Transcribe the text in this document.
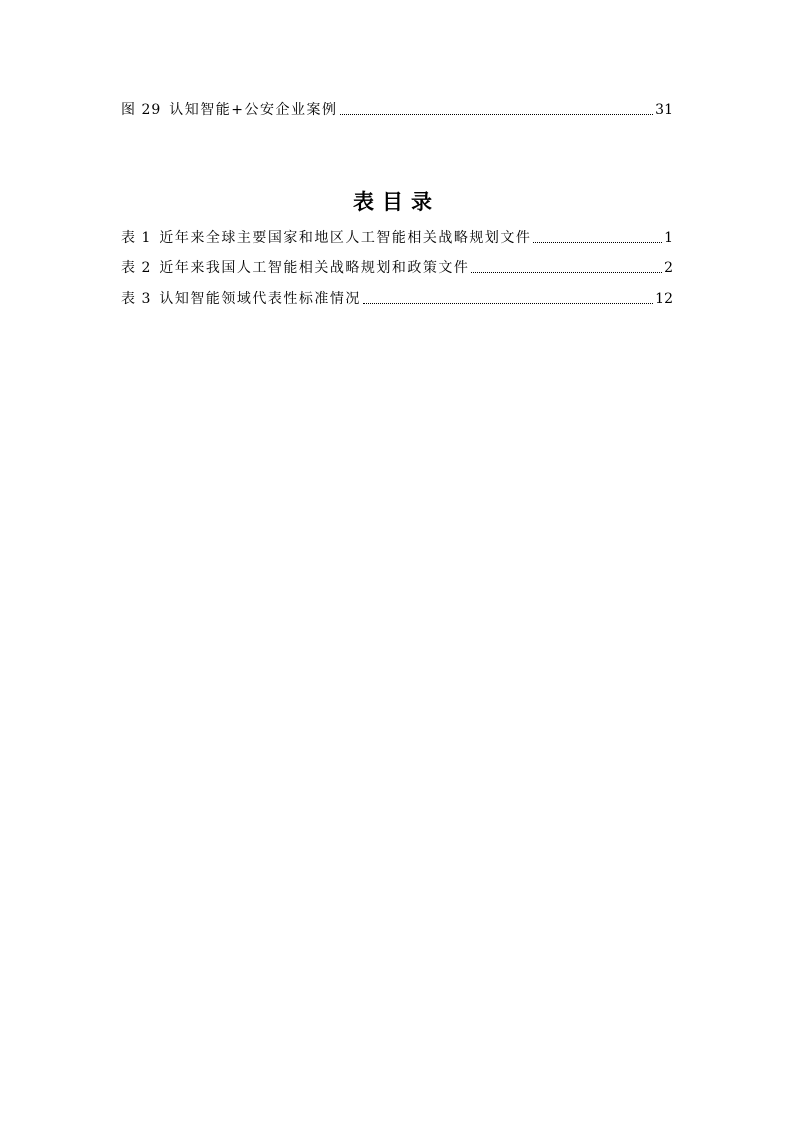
图 29 认知智能+公安企业案例	31
表目录
表 1 近年来全球主要国家和地区人工智能相关战略规划文件	1
表 2 近年来我国人工智能相关战略规划和政策文件	2
表 3 认知智能领域代表性标准情况	12
